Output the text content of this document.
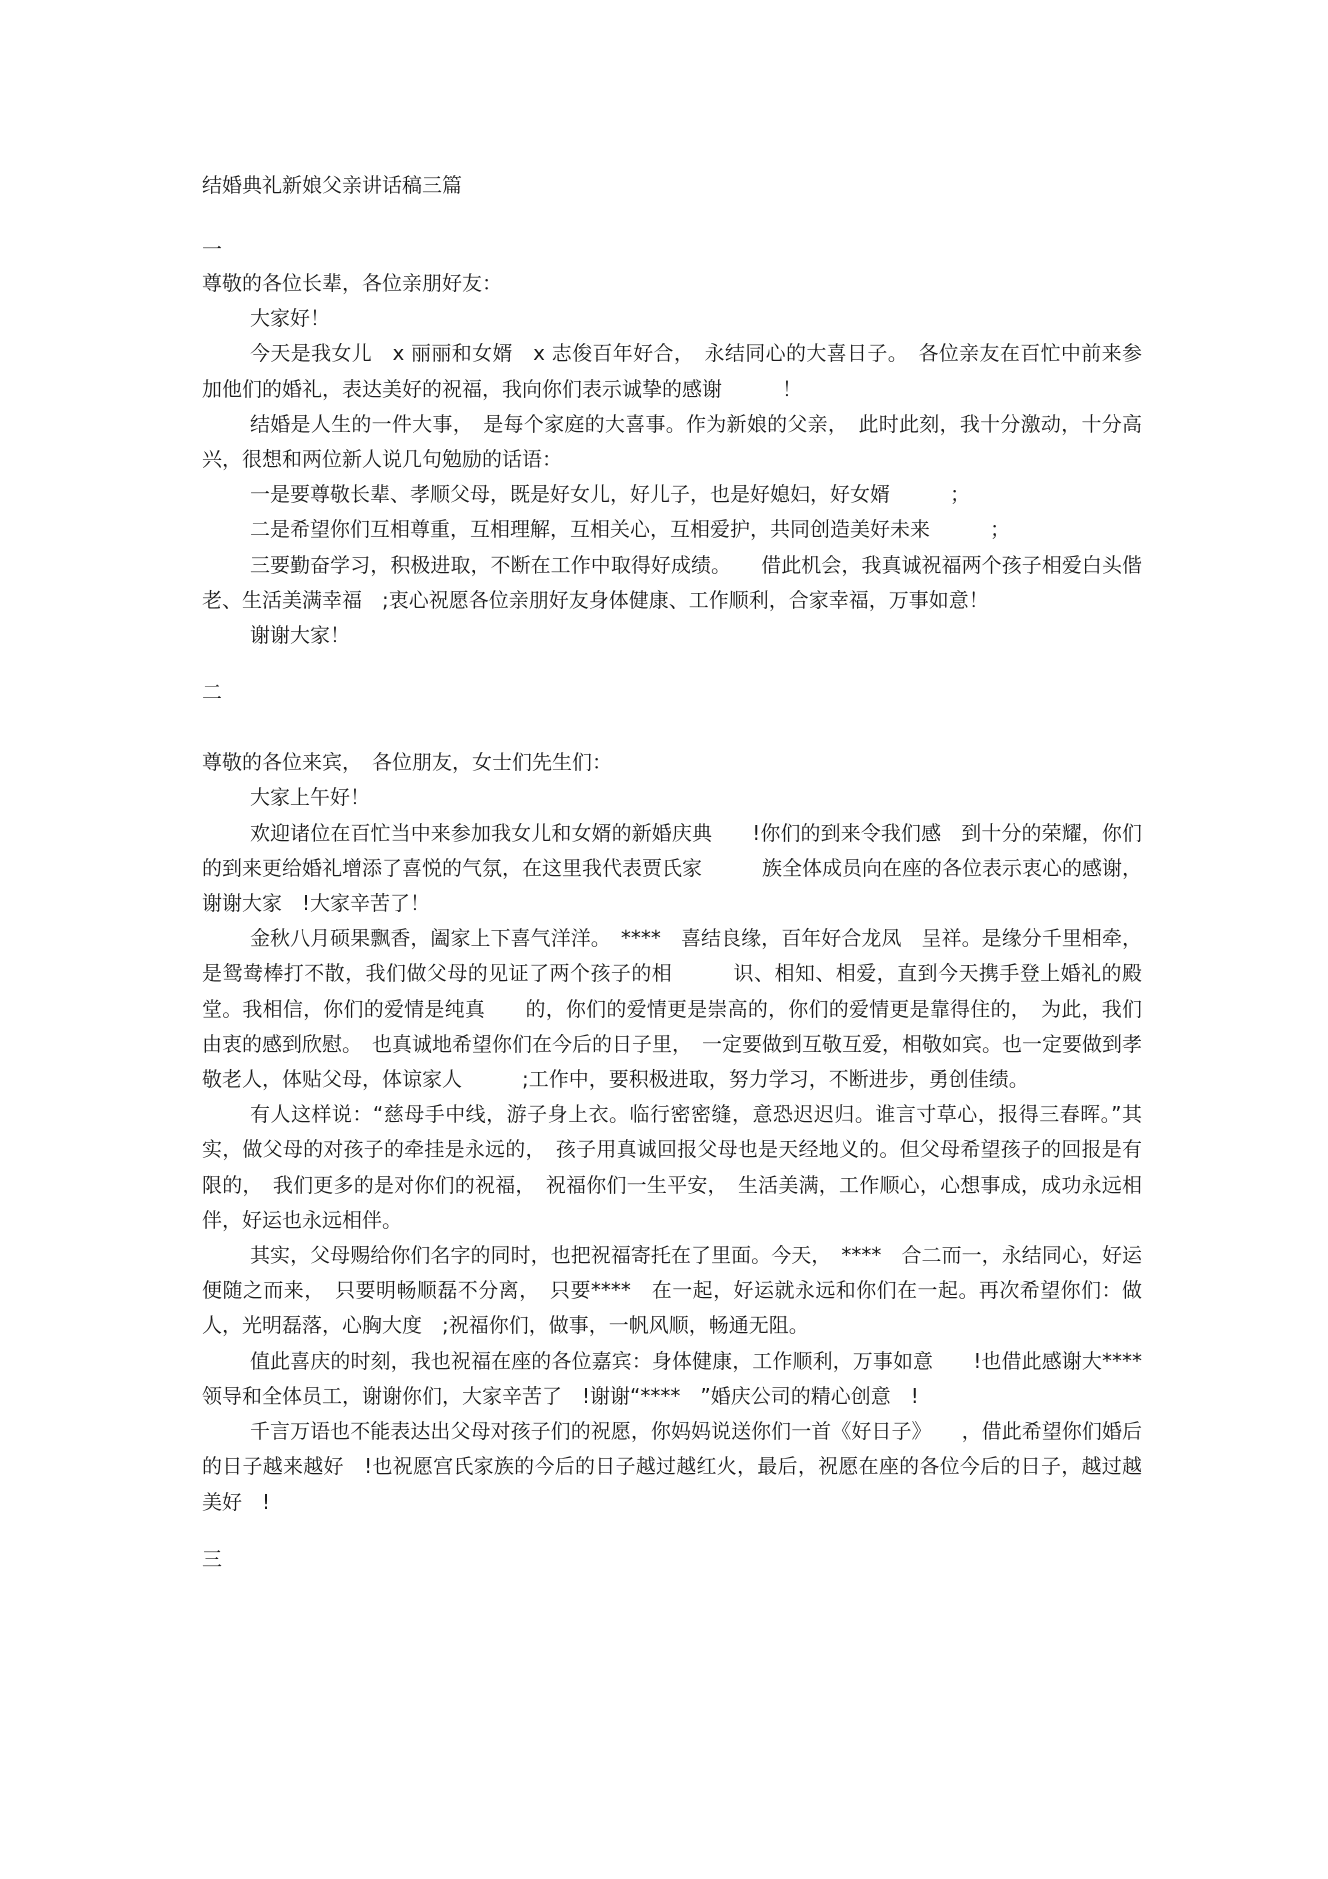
结婚典礼新娘父亲讲话稿三篇
一

尊敬的各位长辈，各位亲朋好友：

大家好！

今天是我女儿　x 丽丽和女婿　x 志俊百年好合，　永结同心的大喜日子。　各位亲友在百忙中前来参加他们的婚礼，表达美好的祝福，我向你们表示诚挚的感谢　　　！

结婚是人生的一件大事，　是每个家庭的大喜事。作为新娘的父亲，　此时此刻，我十分激动，十分高兴，很想和两位新人说几句勉励的话语：

一是要尊敬长辈、孝顺父母，既是好女儿，好儿子，也是好媳妇，好女婿　　　；

二是希望你们互相尊重，互相理解，互相关心，互相爱护，共同创造美好未来　　　；

三要勤奋学习，积极进取，不断在工作中取得好成绩。　　借此机会，我真诚祝福两个孩子相爱白头偕老、生活美满幸福　;衷心祝愿各位亲朋好友身体健康、工作顺利，合家幸福，万事如意！

谢谢大家！

二

尊敬的各位来宾，　各位朋友，女士们先生们：

大家上午好！

欢迎诸位在百忙当中来参加我女儿和女婿的新婚庆典　　!你们的到来令我们感　到十分的荣耀，你们的到来更给婚礼增添了喜悦的气氛，在这里我代表贾氏家　　　族全体成员向在座的各位表示衷心的感谢，谢谢大家　!大家辛苦了！

金秋八月硕果飘香，阖家上下喜气洋洋。　****　喜结良缘，百年好合龙凤　呈祥。是缘分千里相牵，是鸳鸯棒打不散，我们做父母的见证了两个孩子的相　　　识、相知、相爱，直到今天携手登上婚礼的殿堂。我相信，你们的爱情是纯真　　的，你们的爱情更是崇高的，你们的爱情更是靠得住的，　为此，我们由衷的感到欣慰。　也真诚地希望你们在今后的日子里，　一定要做到互敬互爱，相敬如宾。也一定要做到孝敬老人，体贴父母，体谅家人　　　;工作中，要积极进取，努力学习，不断进步，勇创佳绩。

有人这样说：“慈母手中线，游子身上衣。临行密密缝，意恐迟迟归。谁言寸草心，报得三春晖。”其实，做父母的对孩子的牵挂是永远的，　孩子用真诚回报父母也是天经地义的。但父母希望孩子的回报是有限的，　我们更多的是对你们的祝福，　祝福你们一生平安，　生活美满，工作顺心，心想事成，成功永远相伴，好运也永远相伴。

其实，父母赐给你们名字的同时，也把祝福寄托在了里面。今天，　****　合二而一，永结同心，好运便随之而来，　只要明畅顺磊不分离，　只要****　在一起，好运就永远和你们在一起。再次希望你们：做人，光明磊落，心胸大度　;祝福你们，做事，一帆风顺，畅通无阻。

值此喜庆的时刻，我也祝福在座的各位嘉宾：身体健康，工作顺利，万事如意　　!也借此感谢大****　领导和全体员工，谢谢你们，大家辛苦了　!谢谢“****　”婚庆公司的精心创意　!

千言万语也不能表达出父母对孩子们的祝愿，你妈妈说送你们一首《好日子》　　，借此希望你们婚后的日子越来越好　!也祝愿宫氏家族的今后的日子越过越红火，最后，祝愿在座的各位今后的日子，越过越美好　!

三
